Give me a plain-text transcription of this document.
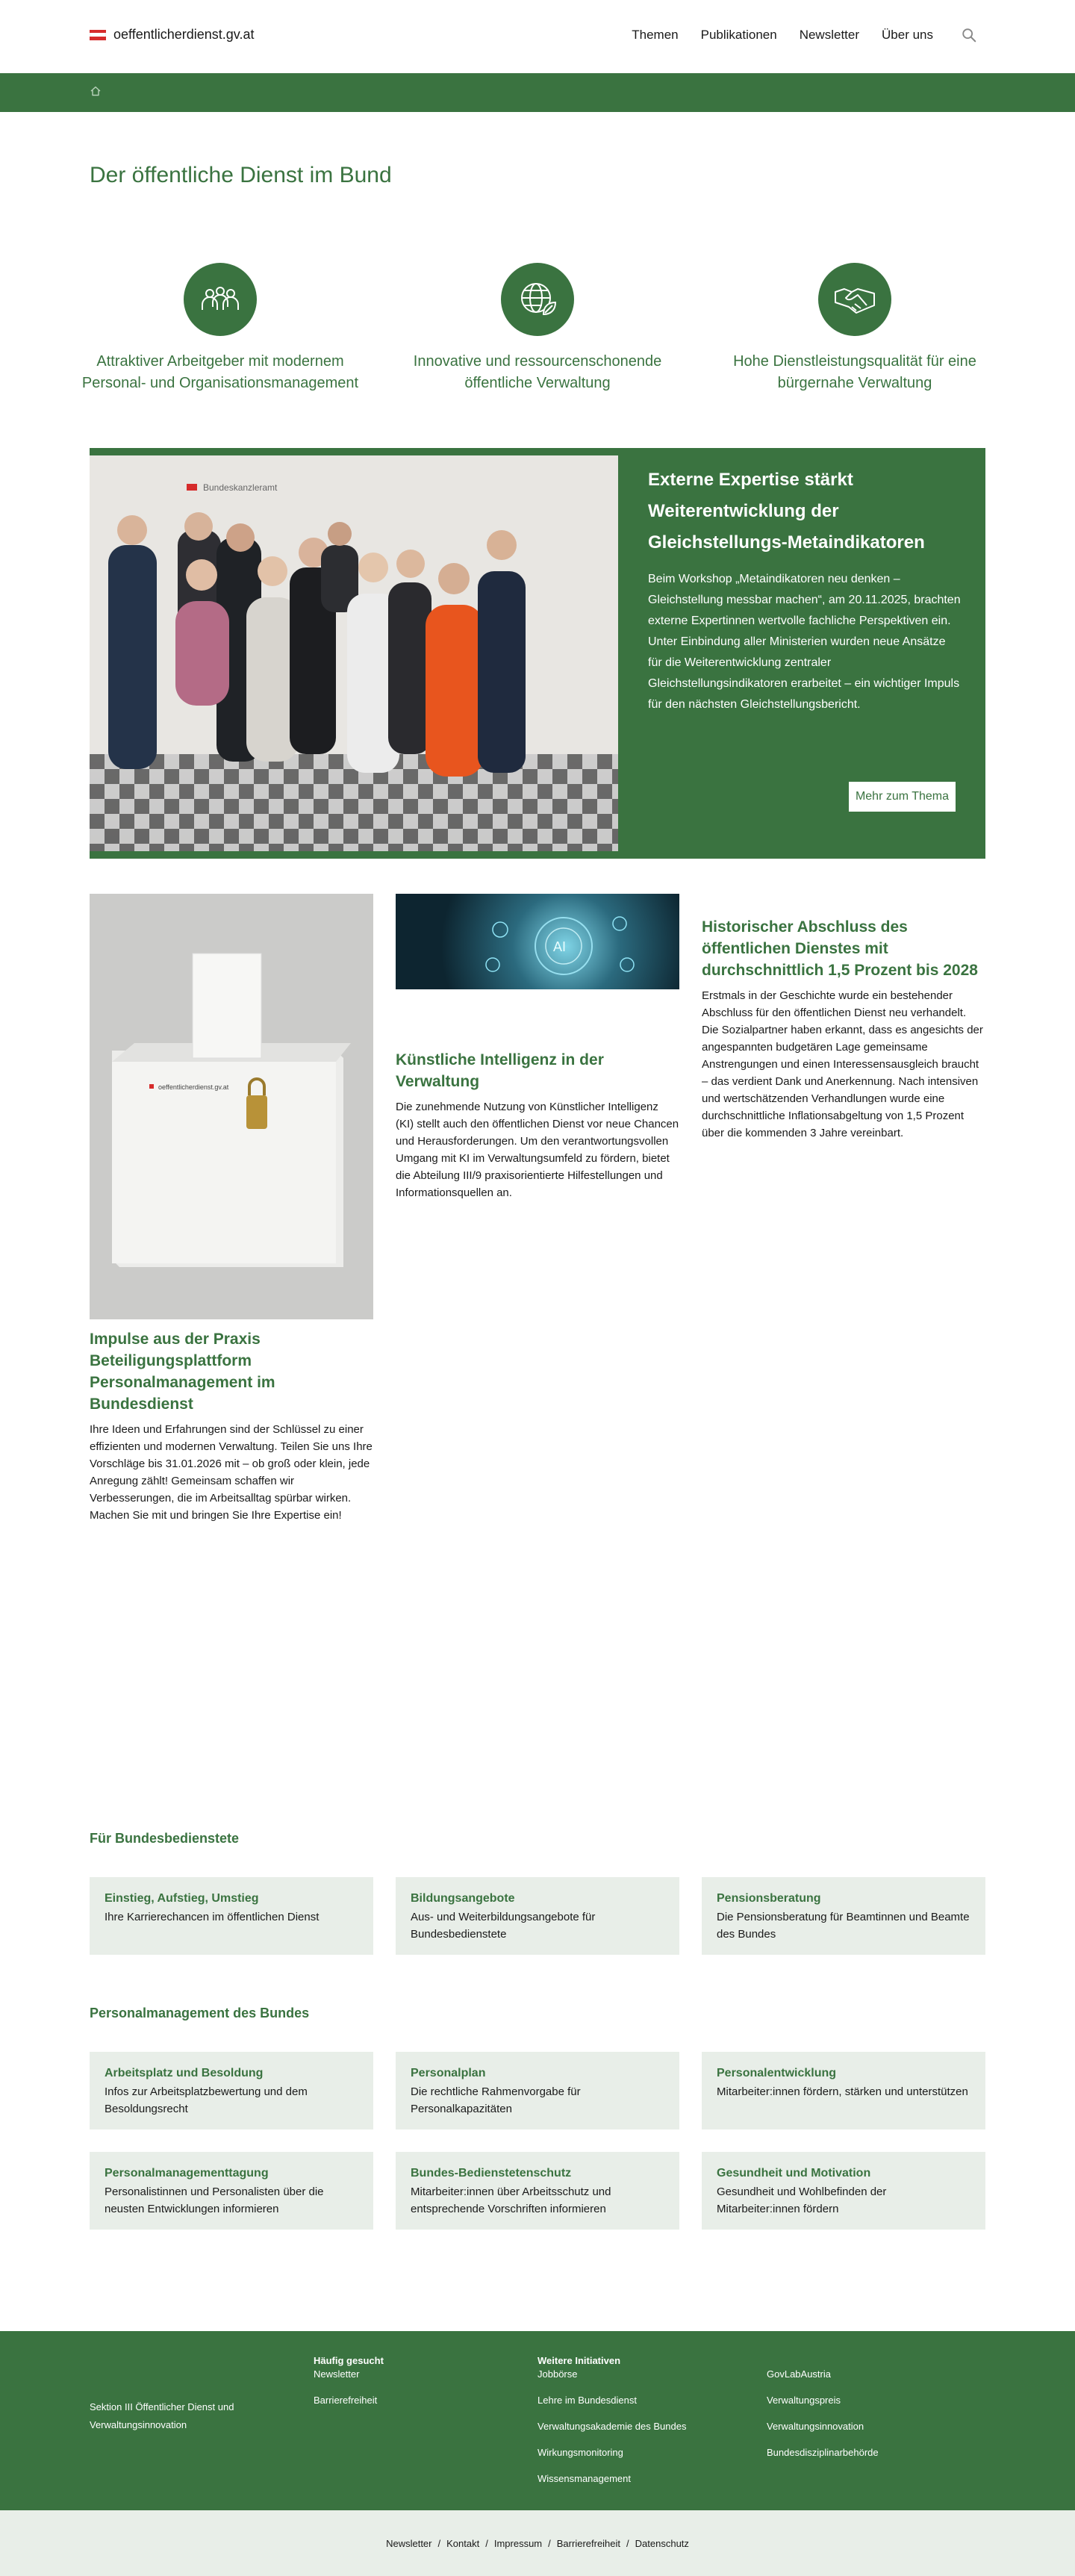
oeffentlicherdienst.gv.at	Themen Publikationen Newsletter Über uns
Der öffentliche Dienst im Bund

Attraktiver Arbeitgeber mit modernem Personal- und Organisationsmanagement

Innovative und ressourcenschonende öffentliche Verwaltung

Hohe Dienstleistungsqualität für eine bürgernahe Verwaltung

Bundeskanzleramt	Externe Expertise stärkt Weiterentwicklung der Gleichstellungs-Metaindikatoren

Beim Workshop „Metaindikatoren neu denken – Gleichstellung messbar machen“, am 20.11.2025, brachten externe Expertinnen wertvolle fachliche Perspektiven ein. Unter Einbindung aller Ministerien wurden neue Ansätze für die Weiterentwicklung zentraler Gleichstellungsindikatoren erarbeitet – ein wichtiger Impuls für den nächsten Gleichstellungsbericht.

Mehr zum Thema
oeffentlicherdienst.gv.at
Impulse aus der Praxis Beteiligungsplattform Personalmanagement im Bundesdienst

Ihre Ideen und Erfahrungen sind der Schlüssel zu einer effizienten und modernen Verwaltung. Teilen Sie uns Ihre Vorschläge bis 31.01.2026 mit – ob groß oder klein, jede Anregung zählt! Gemeinsam schaffen wir Verbesserungen, die im Arbeitsalltag spürbar wirken. Machen Sie mit und bringen Sie Ihre Expertise ein!

AI
Künstliche Intelligenz in der Verwaltung

Die zunehmende Nutzung von Künstlicher Intelligenz (KI) stellt auch den öffentlichen Dienst vor neue Chancen und Herausforderungen. Um den verantwortungsvollen Umgang mit KI im Verwaltungsumfeld zu fördern, bietet die Abteilung III/9 praxisorientierte Hilfestellungen und Informationsquellen an.

Historischer Abschluss des öffentlichen Dienstes mit durchschnittlich 1,5 Prozent bis 2028

Erstmals in der Geschichte wurde ein bestehender Abschluss für den öffentlichen Dienst neu verhandelt. Die Sozialpartner haben erkannt, dass es angesichts der angespannten budgetären Lage gemeinsame Anstrengungen und einen Interessensausgleich braucht – das verdient Dank und Anerkennung. Nach intensiven und wertschätzenden Verhandlungen wurde eine durchschnittliche Inflationsabgeltung von 1,5 Prozent über die kommenden 3 Jahre vereinbart.

Für Bundesbedienstete
Einstieg, Aufstieg, Umstieg
Ihre Karrierechancen im öffentlichen Dienst
Bildungsangebote
Aus- und Weiterbildungsangebote für Bundesbedienstete
Pensionsberatung
Die Pensionsberatung für Beamtinnen und Beamte des Bundes
Personalmanagement des Bundes
Arbeitsplatz und Besoldung
Infos zur Arbeitsplatzbewertung und dem Besoldungsrecht
Personalplan
Die rechtliche Rahmenvorgabe für Personalkapazitäten
Personalentwicklung
Mitarbeiter:innen fördern, stärken und unterstützen
Personalmanagementtagung
Personalistinnen und Personalisten über die neusten Entwicklungen informieren
Bundes-Bedienstetenschutz
Mitarbeiter:innen über Arbeitsschutz und entsprechende Vorschriften informieren
Gesundheit und Motivation
Gesundheit und Wohlbefinden der Mitarbeiter:innen fördern
Sektion III Öffentlicher Dienst und Verwaltungsinnovation
Häufig gesucht
Newsletter
Barrierefreiheit
Weitere Initiativen
Jobbörse
Lehre im Bundesdienst
Verwaltungsakademie des Bundes
Wirkungsmonitoring
Wissensmanagement
GovLabAustria
Verwaltungspreis
Verwaltungsinnovation
Bundesdisziplinarbehörde
Newsletter / Kontakt / Impressum / Barrierefreiheit / Datenschutz
